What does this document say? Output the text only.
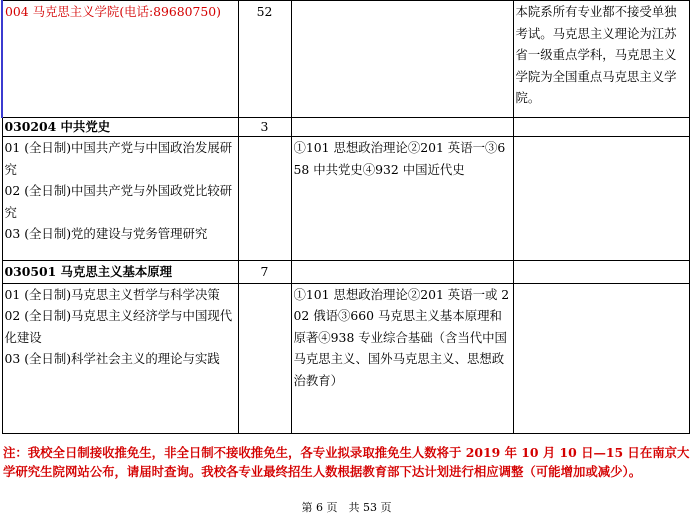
004 马克思主义学院(电话:89680750)	52		本院系所有专业都不接受单独考试。马克思主义理论为江苏省一级重点学科，马克思主义学院为全国重点马克思主义学院。
030204 中共党史	3		

01 (全日制)中国共产党与中国政治发展研究
02 (全日制)中国共产党与外国政党比较研究
03 (全日制)党的建设与党务管理研究		①101 思想政治理论②201 英语一③658 中共党史④932 中国近代史	
030501 马克思主义基本原理	7		

01 (全日制)马克思主义哲学与科学决策
02 (全日制)马克思主义经济学与中国现代化建设
03 (全日制)科学社会主义的理论与实践		①101 思想政治理论②201 英语一或 202 俄语③660 马克思主义基本原理和原著④938 专业综合基础（含当代中国马克思主义、国外马克思主义、思想政治教育）	
注：我校全日制接收推免生，非全日制不接收推免生，各专业拟录取推免生人数将于 2019 年 10 月 10 日—15 日在南京大学研究生院网站公布，请届时查询。我校各专业最终招生人数根据教育部下达计划进行相应调整（可能增加或减少）。
第 6 页　共 53 页
